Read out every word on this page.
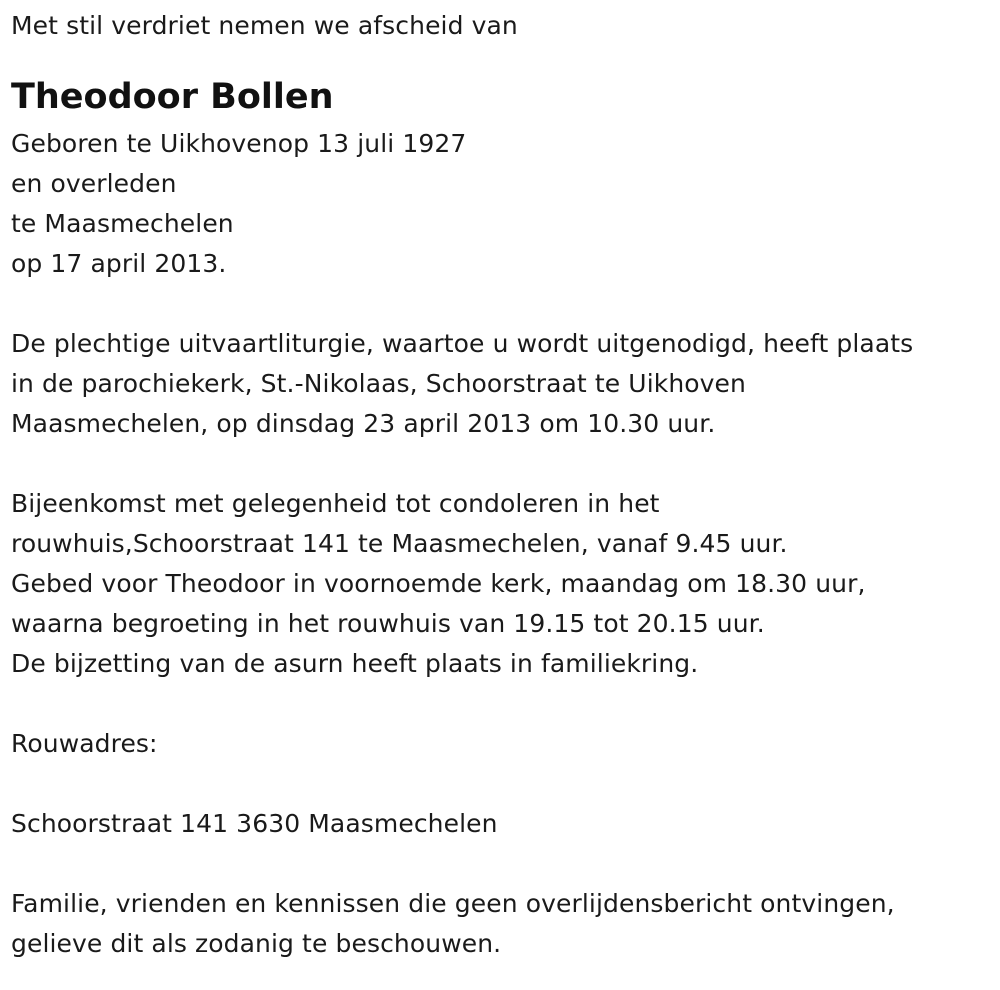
Met stil verdriet nemen we afscheid van
Theodoor Bollen
Geboren te Uikhovenop 13 juli 1927
en overleden
te Maasmechelen
op 17 april 2013.
De plechtige uitvaartliturgie, waartoe u wordt uitgenodigd, heeft plaats
in de parochiekerk, St.-Nikolaas, Schoorstraat te Uikhoven
Maasmechelen, op dinsdag 23 april 2013 om 10.30 uur.
Bijeenkomst met gelegenheid tot condoleren in het
rouwhuis,Schoorstraat 141 te Maasmechelen, vanaf 9.45 uur.
Gebed voor Theodoor in voornoemde kerk, maandag om 18.30 uur,
waarna begroeting in het rouwhuis van 19.15 tot 20.15 uur.
De bijzetting van de asurn heeft plaats in familiekring.
Rouwadres:
Schoorstraat 141 3630 Maasmechelen
Familie, vrienden en kennissen die geen overlijdensbericht ontvingen,
gelieve dit als zodanig te beschouwen.
